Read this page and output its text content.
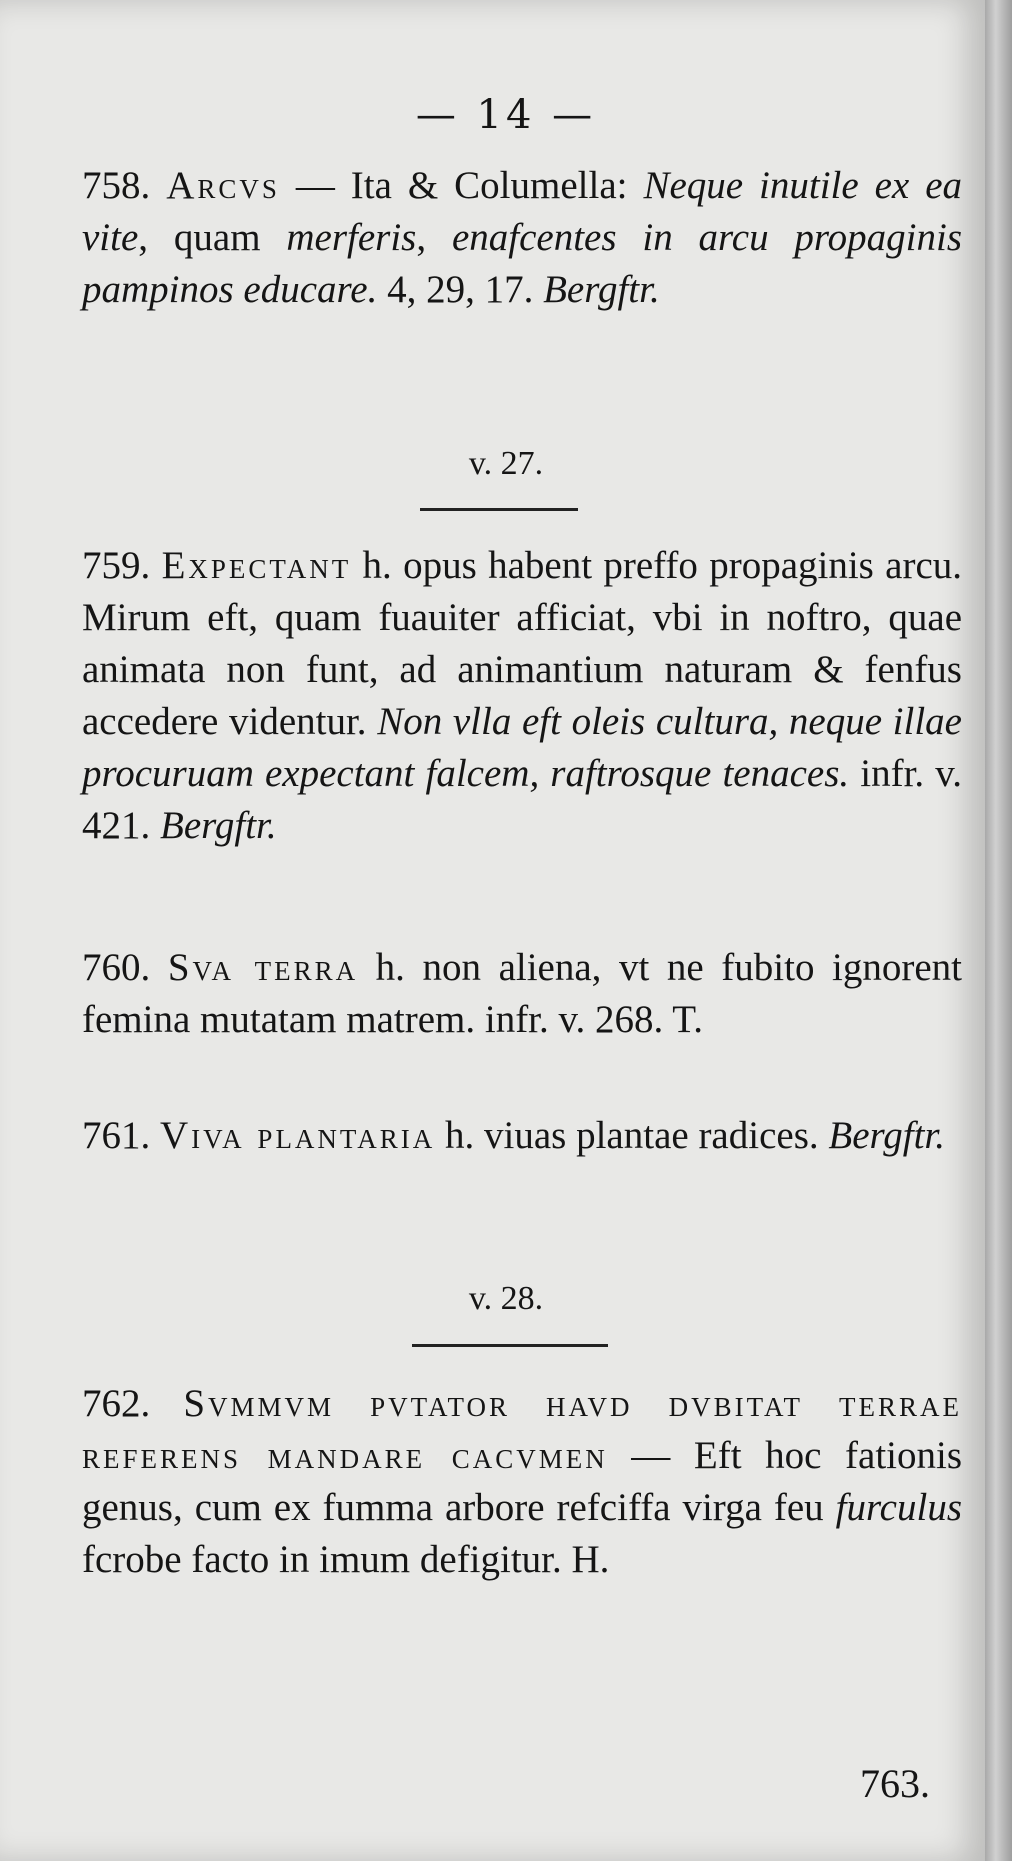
— 14 —
758. Arcvs — Ita & Columella: Neque inutile ex ea vite, quam merferis, enafcentes in arcu propaginis pampinos educare. 4, 29, 17. Bergftr.
v. 27.
759. Expectant h. opus habent preffo propaginis arcu. Mirum eft, quam fuauiter afficiat, vbi in noftro, quae animata non funt, ad animantium naturam & fenfus accedere videntur. Non vlla eft oleis cultura, neque illae procuruam expectant falcem, raftrosque tenaces. infr. v. 421. Bergftr.
760. Sva terra h. non aliena, vt ne fubito ignorent femina mutatam matrem. infr. v. 268. T.
761. Viva plantaria h. viuas plantae radices. Bergftr.
v. 28.
762. Svmmvm pvtator havd dvbitat terrae referens mandare cacvmen — Eft hoc fationis genus, cum ex fumma arbore refciffa virga feu furculus fcrobe facto in imum defigitur. H.
763.
